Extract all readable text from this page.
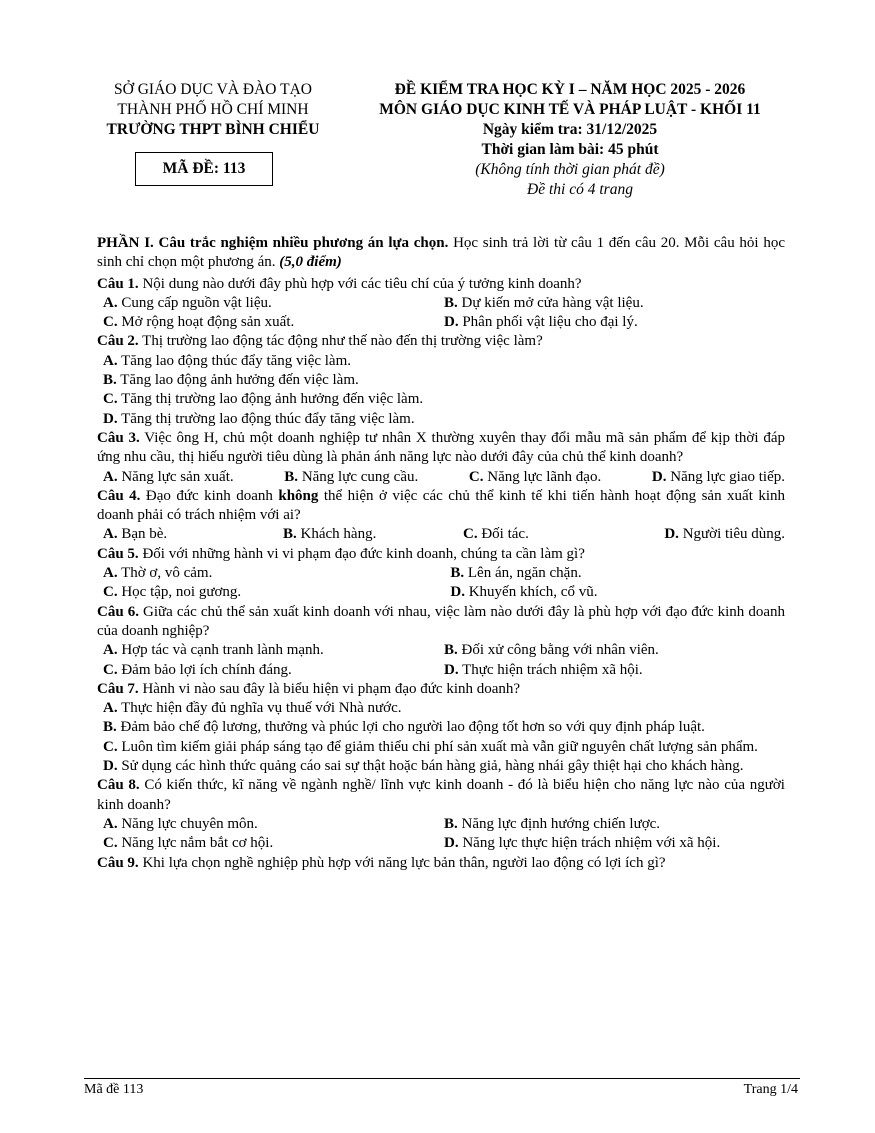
SỞ GIÁO DỤC VÀ ĐÀO TẠO
THÀNH PHỐ HỒ CHÍ MINH
TRƯỜNG THPT BÌNH CHIỂU
MÃ ĐỀ: 113
ĐỀ KIỂM TRA HỌC KỲ I – NĂM HỌC 2025 - 2026
MÔN GIÁO DỤC KINH TẾ VÀ PHÁP LUẬT - KHỐI 11
Ngày kiểm tra: 31/12/2025
Thời gian làm bài: 45 phút
(Không tính thời gian phát đề)
Đề thi có 4 trang

PHẦN I. Câu trắc nghiệm nhiều phương án lựa chọn. Học sinh trả lời từ câu 1 đến câu 20. Mỗi câu hỏi học sinh chỉ chọn một phương án. (5,0 điểm)

Câu 1. Nội dung nào dưới đây phù hợp với các tiêu chí của ý tưởng kinh doanh?

A. Cung cấp nguồn vật liệu.	B. Dự kiến mở cửa hàng vật liệu.
C. Mở rộng hoạt động sản xuất.	D. Phân phối vật liệu cho đại lý.

Câu 2. Thị trường lao động tác động như thế nào đến thị trường việc làm?

A. Tăng lao động thúc đẩy tăng việc làm.
B. Tăng lao động ảnh hưởng đến việc làm.
C. Tăng thị trường lao động ảnh hưởng đến việc làm.
D. Tăng thị trường lao động thúc đẩy tăng việc làm.

Câu 3. Việc ông H, chủ một doanh nghiệp tư nhân X thường xuyên thay đổi mẫu mã sản phẩm để kịp thời đáp ứng nhu cầu, thị hiếu người tiêu dùng là phản ánh năng lực nào dưới đây của chủ thể kinh doanh?

A. Năng lực sản xuất.	B. Năng lực cung cầu.	C. Năng lực lãnh đạo.	D. Năng lực giao tiếp.

Câu 4. Đạo đức kinh doanh không thể hiện ở việc các chủ thể kinh tế khi tiến hành hoạt động sản xuất kinh doanh phải có trách nhiệm với ai?

A. Bạn bè.	B. Khách hàng.	C. Đối tác.	D. Người tiêu dùng.

Câu 5. Đối với những hành vi vi phạm đạo đức kinh doanh, chúng ta cần làm gì?

A. Thờ ơ, vô cảm.	B. Lên án, ngăn chặn.
C. Học tập, noi gương.	D. Khuyến khích, cổ vũ.

Câu 6. Giữa các chủ thể sản xuất kinh doanh với nhau, việc làm nào dưới đây là phù hợp với đạo đức kinh doanh của doanh nghiệp?

A. Hợp tác và cạnh tranh lành mạnh.	B. Đối xử công bằng với nhân viên.
C. Đảm bảo lợi ích chính đáng.	D. Thực hiện trách nhiệm xã hội.

Câu 7. Hành vi nào sau đây là biểu hiện vi phạm đạo đức kinh doanh?

A. Thực hiện đầy đủ nghĩa vụ thuế với Nhà nước.
B. Đảm bảo chế độ lương, thưởng và phúc lợi cho người lao động tốt hơn so với quy định pháp luật.
C. Luôn tìm kiếm giải pháp sáng tạo để giảm thiểu chi phí sản xuất mà vẫn giữ nguyên chất lượng sản phẩm.
D. Sử dụng các hình thức quảng cáo sai sự thật hoặc bán hàng giả, hàng nhái gây thiệt hại cho khách hàng.

Câu 8. Có kiến thức, kĩ năng về ngành nghề/ lĩnh vực kinh doanh - đó là biểu hiện cho năng lực nào của người kinh doanh?

A. Năng lực chuyên môn.	B. Năng lực định hướng chiến lược.
C. Năng lực nắm bắt cơ hội.	D. Năng lực thực hiện trách nhiệm với xã hội.

Câu 9. Khi lựa chọn nghề nghiệp phù hợp với năng lực bản thân, người lao động có lợi ích gì?

Mã đề 113	Trang 1/4
